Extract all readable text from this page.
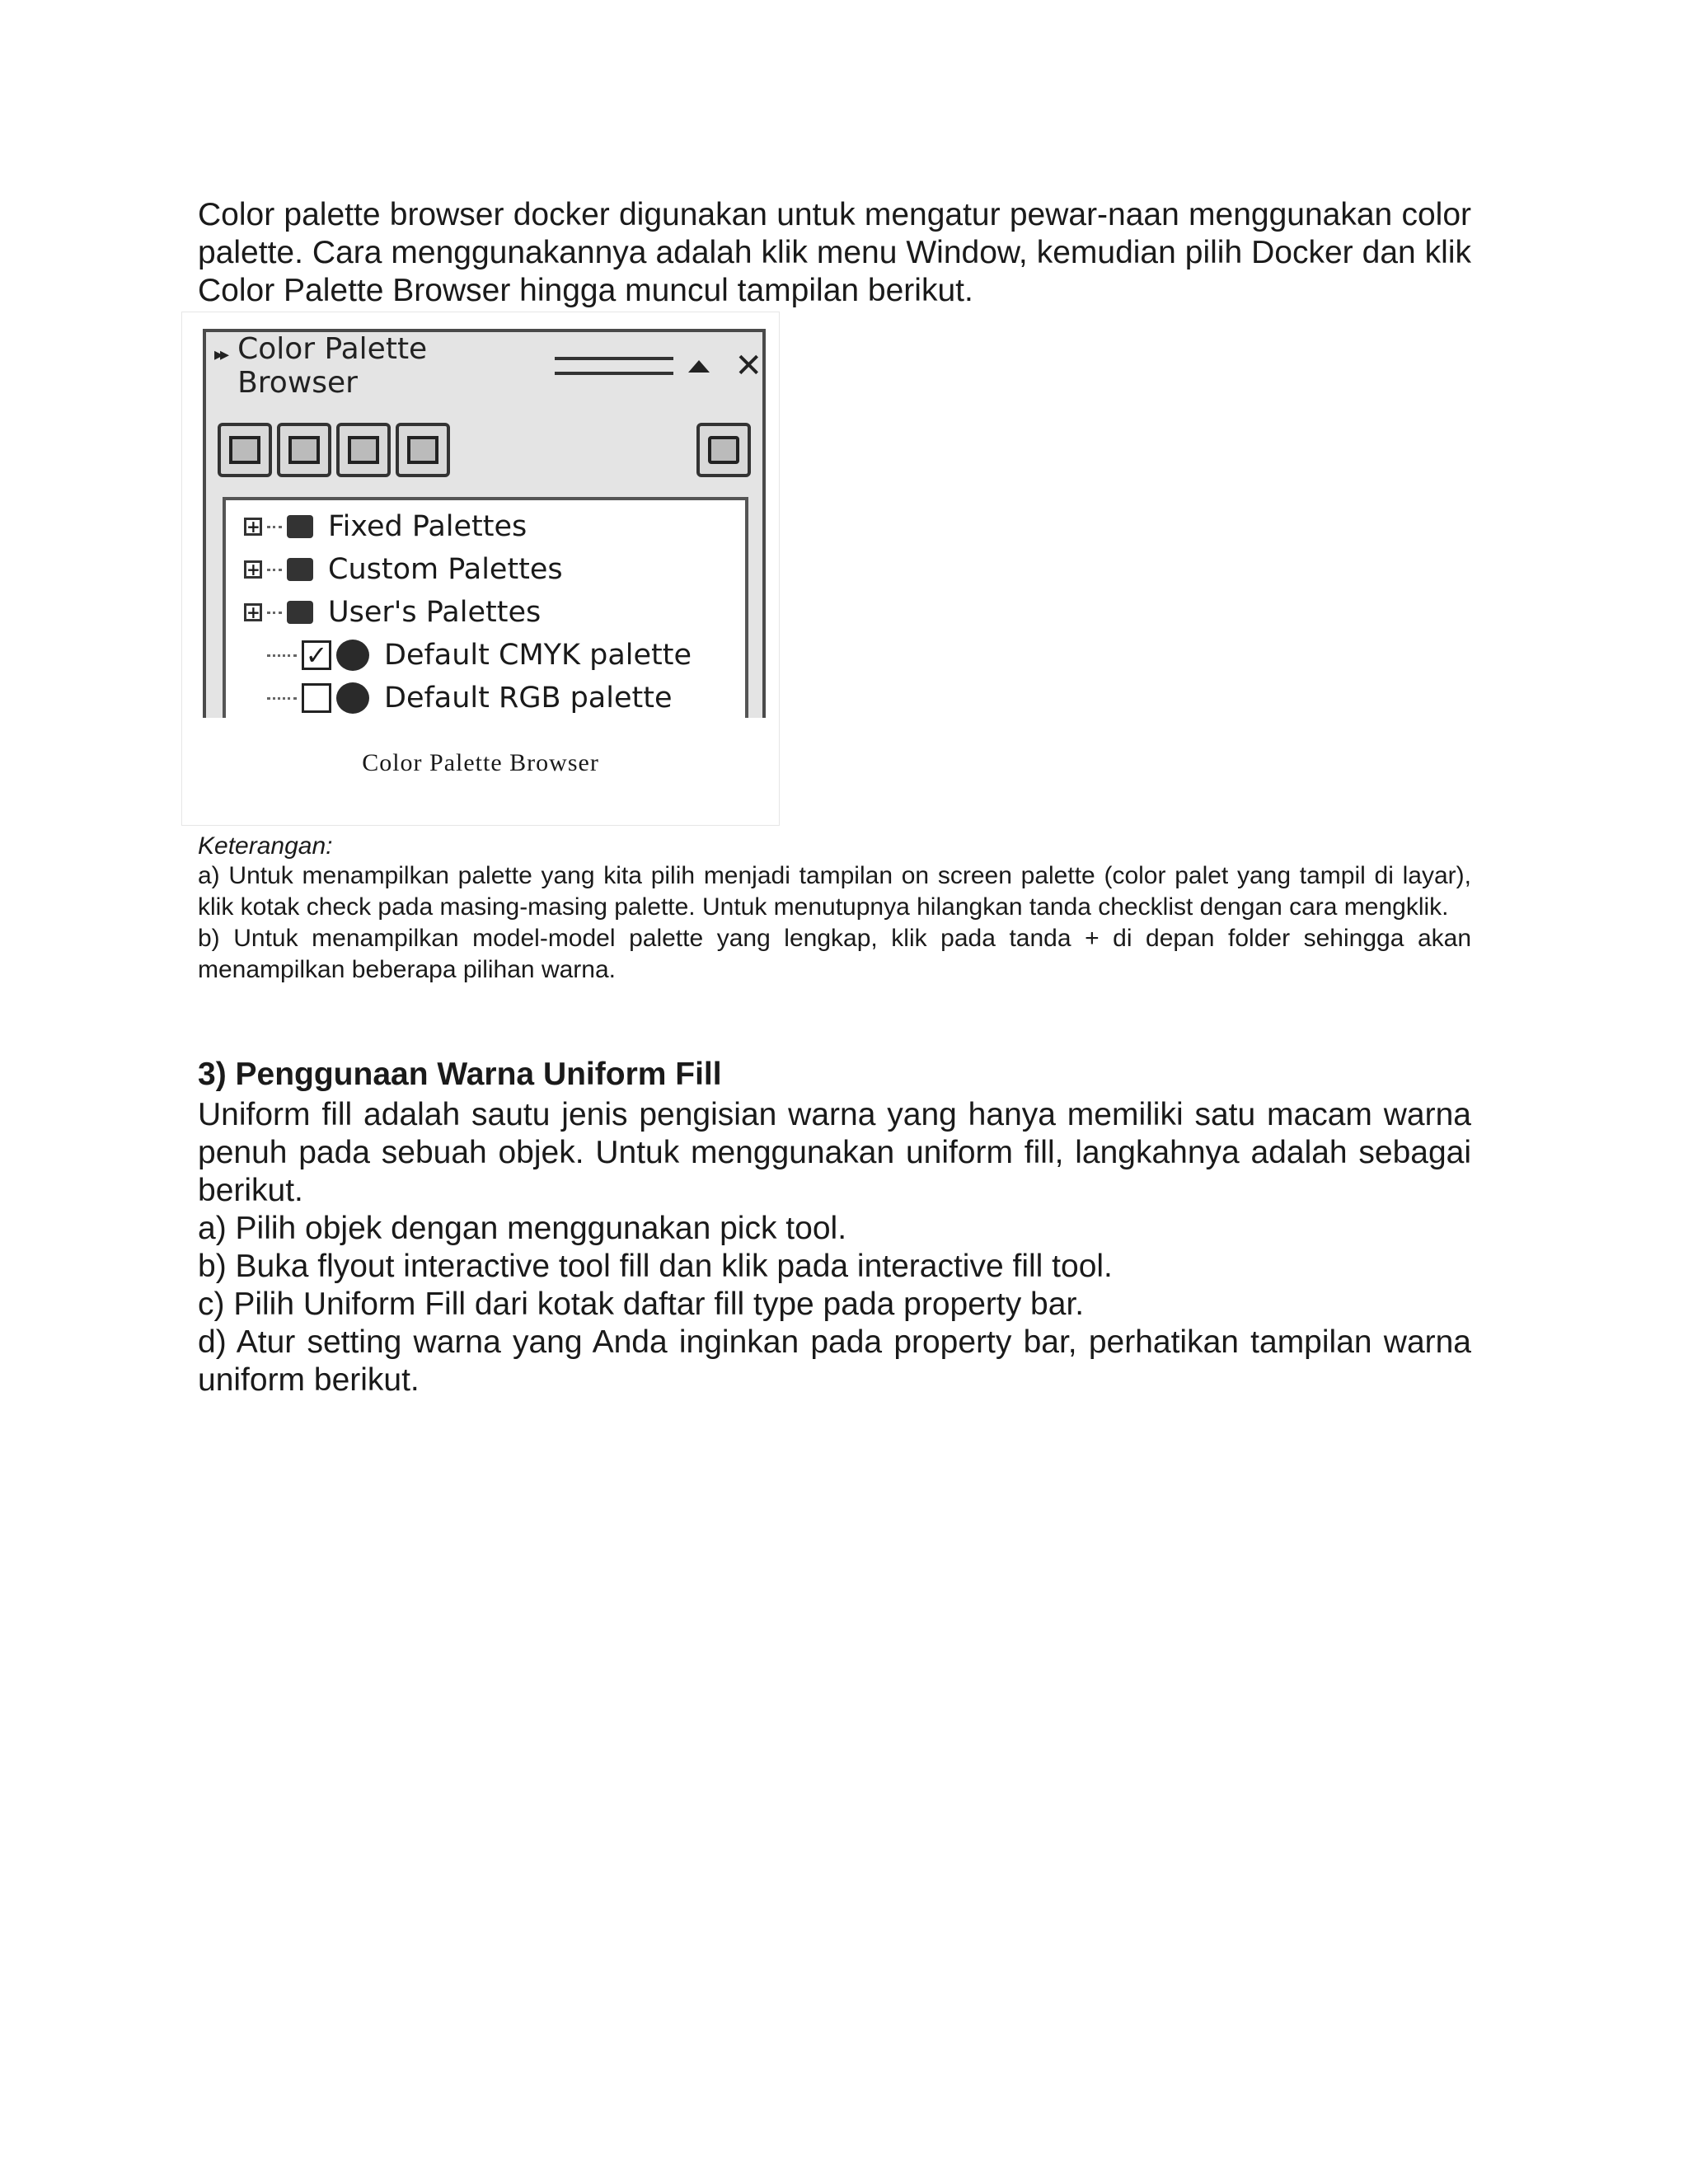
Color palette browser docker digunakan untuk mengatur pewar-naan menggunakan color palette. Cara menggunakannya adalah klik menu Window, kemudian pilih Docker dan klik Color Palette Browser hingga muncul tampilan berikut.

▸▸ Color Palette Browser	✕
+ Fixed Palettes
+ Custom Palettes
+ User's Palettes
✓ Default CMYK palette
Default RGB palette
Color Palette Browser

Keterangan:

a) Untuk menampilkan palette yang kita pilih menjadi tampilan on screen palette (color palet yang tampil di layar), klik kotak check pada masing-masing palette. Untuk menutupnya hilangkan tanda checklist dengan cara mengklik.

b) Untuk menampilkan model-model palette yang lengkap, klik pada tanda + di depan folder sehingga akan menampilkan beberapa pilihan warna.

3) Penggunaan Warna Uniform Fill

Uniform fill adalah sautu jenis pengisian warna yang hanya memiliki satu macam warna penuh pada sebuah objek. Untuk menggunakan uniform fill, langkahnya adalah sebagai berikut.

a) Pilih objek dengan menggunakan pick tool.

b) Buka flyout interactive tool fill dan klik pada interactive fill tool.

c) Pilih Uniform Fill dari kotak daftar fill type pada property bar.

d) Atur setting warna yang Anda inginkan pada property bar, perhatikan tampilan warna uniform berikut.
